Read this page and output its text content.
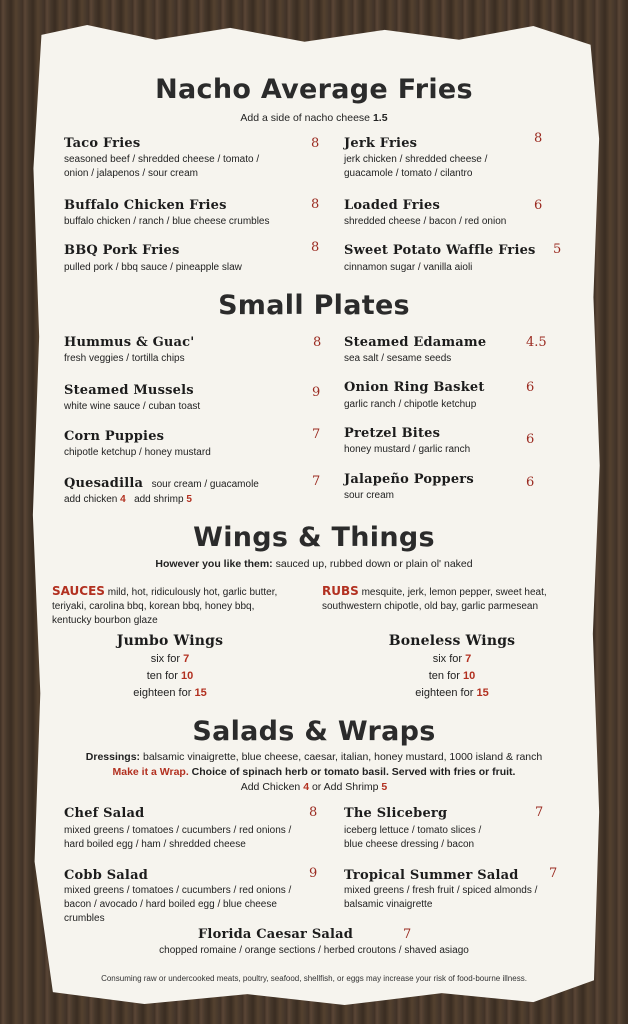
Nacho Average Fries
Add a side of nacho cheese 1.5
Taco Fries	8
seasoned beef / shredded cheese / tomato /
onion / jalapenos / sour cream
Jerk Fries	8
jerk chicken / shredded cheese /
guacamole / tomato / cilantro
Buffalo Chicken Fries	8
buffalo chicken / ranch / blue cheese crumbles
Loaded Fries	6
shredded cheese / bacon / red onion
BBQ Pork Fries	8
pulled pork / bbq sauce / pineapple slaw
Sweet Potato Waffle Fries 5
cinnamon sugar / vanilla aioli
Small Plates
Hummus & Guac'	8
fresh veggies / tortilla chips
Steamed Edamame	4.5
sea salt / sesame seeds
Steamed Mussels	9
white wine sauce / cuban toast
Onion Ring Basket	6
garlic ranch / chipotle ketchup
Corn Puppies	7
chipotle ketchup / honey mustard
Pretzel Bites	6
honey mustard / garlic ranch
Quesadilla sour cream / guacamole	7
add chicken 4 add shrimp 5
Jalapeño Poppers	6
sour cream
Wings & Things
However you like them: sauced up, rubbed down or plain ol' naked
SAUCES mild, hot, ridiculously hot, garlic butter,
teriyaki, carolina bbq, korean bbq, honey bbq,
kentucky bourbon glaze
RUBS mesquite, jerk, lemon pepper, sweet heat,
southwestern chipotle, old bay, garlic parmesean
Jumbo Wings
six for 7
ten for 10
eighteen for 15
Boneless Wings
six for 7
ten for 10
eighteen for 15
Salads & Wraps
Dressings: balsamic vinaigrette, blue cheese, caesar, italian, honey mustard, 1000 island & ranch
Make it a Wrap. Choice of spinach herb or tomato basil. Served with fries or fruit.
Add Chicken 4 or Add Shrimp 5
Chef Salad	8
mixed greens / tomatoes / cucumbers / red onions /
hard boiled egg / ham / shredded cheese
The Sliceberg	7
iceberg lettuce / tomato slices /
blue cheese dressing / bacon
Cobb Salad	9
mixed greens / tomatoes / cucumbers / red onions /
bacon / avocado / hard boiled egg / blue cheese
crumbles
Tropical Summer Salad 7
mixed greens / fresh fruit / spiced almonds /
balsamic vinaigrette
Florida Caesar Salad	7
chopped romaine / orange sections / herbed croutons / shaved asiago
Consuming raw or undercooked meats, poultry, seafood, shellfish, or eggs may increase your risk of food-bourne illness.
